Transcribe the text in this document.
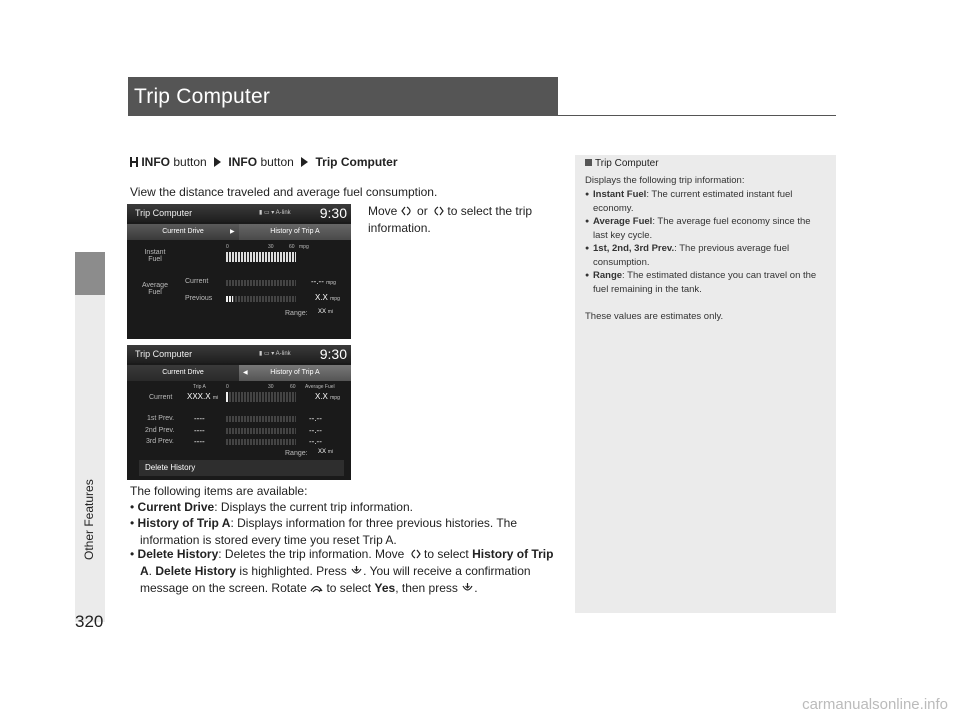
Other Features
320
Trip Computer
INFO button INFO button Trip Computer
View the distance traveled and average fuel consumption.
Move or to select the trip
information.
Trip Computer	▮ ▭ ▾ A-link 9:30
Current Drive	▶	History of Trip A
0	30	60 mpg
Instant
Fuel
Average
Fuel
Current	--.-- mpg
Previous	X.X mpg
Range: XX mi
Trip Computer	▮ ▭ ▾ A-link 9:30
Current Drive	◀	History of Trip A
Trip A	0	30	60 Average Fuel
Current XXX.X mi	X.X mpg
1st Prev. ----	--.--
2nd Prev. ----	--.--
3rd Prev.	----	--.--
Range: XX mi
Delete History
The following items are available:
• Current Drive: Displays the current trip information.
• History of Trip A: Displays information for three previous histories. The
information is stored every time you reset Trip A.
• Delete History: Deletes the trip information. Move to select History of Trip
A. Delete History is highlighted. Press . You will receive a confirmation
message on the screen. Rotate to select Yes, then press .
Trip Computer
Displays the following trip information:
● Instant Fuel: The current estimated instant fuel economy.
● Average Fuel: The average fuel economy since the last key cycle.
● 1st, 2nd, 3rd Prev.: The previous average fuel consumption.
● Range: The estimated distance you can travel on the fuel remaining in the tank.
These values are estimates only.
carmanualsonline.info
